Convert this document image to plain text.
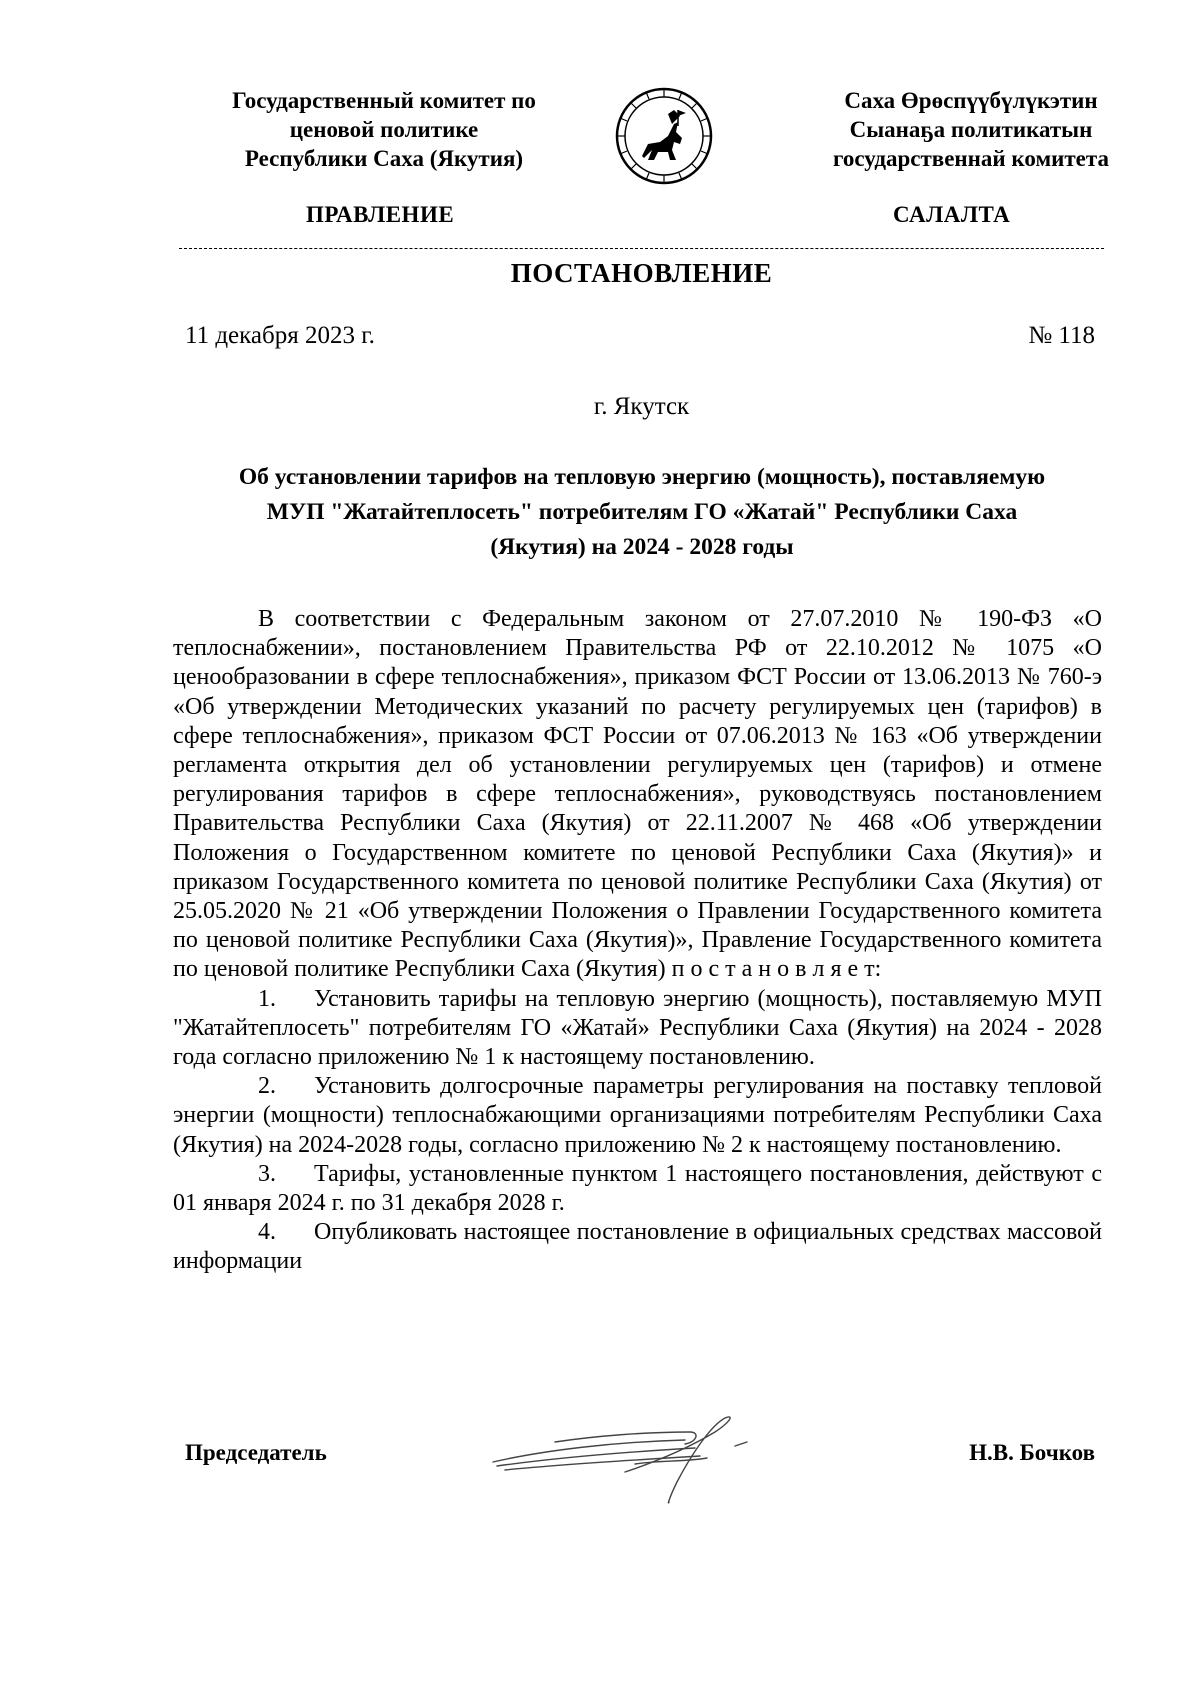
Государственный комитет по
ценовой политике
Республики Саха (Якутия)
Саха Өрөспүүбүлүкэтин
Сыанаҕа политикатын
государственнай комитета
ПРАВЛЕНИЕ	САЛАЛТА
ПОСТАНОВЛЕНИЕ
11 декабря 2023 г.	№ 118
г. Якутск
Об установлении тарифов на тепловую энергию (мощность), поставляемую
МУП "Жатайтеплосеть" потребителям ГО «Жатай" Республики Саха
(Якутия) на 2024 - 2028 годы

В соответствии с Федеральным законом от 27.07.2010 № 190-ФЗ «О теплоснабжении», постановлением Правительства РФ от 22.10.2012 № 1075 «О ценообразовании в сфере теплоснабжения», приказом ФСТ России от 13.06.2013 № 760-э «Об утверждении Методических указаний по расчету регулируемых цен (тарифов) в сфере теплоснабжения», приказом ФСТ России от 07.06.2013 № 163 «Об утверждении регламента открытия дел об установлении регулируемых цен (тарифов) и отмене регулирования тарифов в сфере теплоснабжения», руководствуясь постановлением Правительства Республики Саха (Якутия) от 22.11.2007 № 468 «Об утверждении Положения о Государственном комитете по ценовой Республики Саха (Якутия)» и приказом Государственного комитета по ценовой политике Республики Саха (Якутия) от 25.05.2020 № 21 «Об утверждении Положения о Правлении Государственного комитета по ценовой политике Республики Саха (Якутия)», Правление Государственного комитета по ценовой политике Республики Саха (Якутия) п о с т а н о в л я е т:

1. Установить тарифы на тепловую энергию (мощность), поставляемую МУП "Жатайтеплосеть" потребителям ГО «Жатай» Республики Саха (Якутия) на 2024 - 2028 года согласно приложению № 1 к настоящему постановлению.

2. Установить долгосрочные параметры регулирования на поставку тепловой энергии (мощности) теплоснабжающими организациями потребителям Республики Саха (Якутия) на 2024-2028 годы, согласно приложению № 2 к настоящему постановлению.

3. Тарифы, установленные пунктом 1 настоящего постановления, действуют с 01 января 2024 г. по 31 декабря 2028 г.

4. Опубликовать настоящее постановление в официальных средствах массовой информации

Председатель	Н.В. Бочков
